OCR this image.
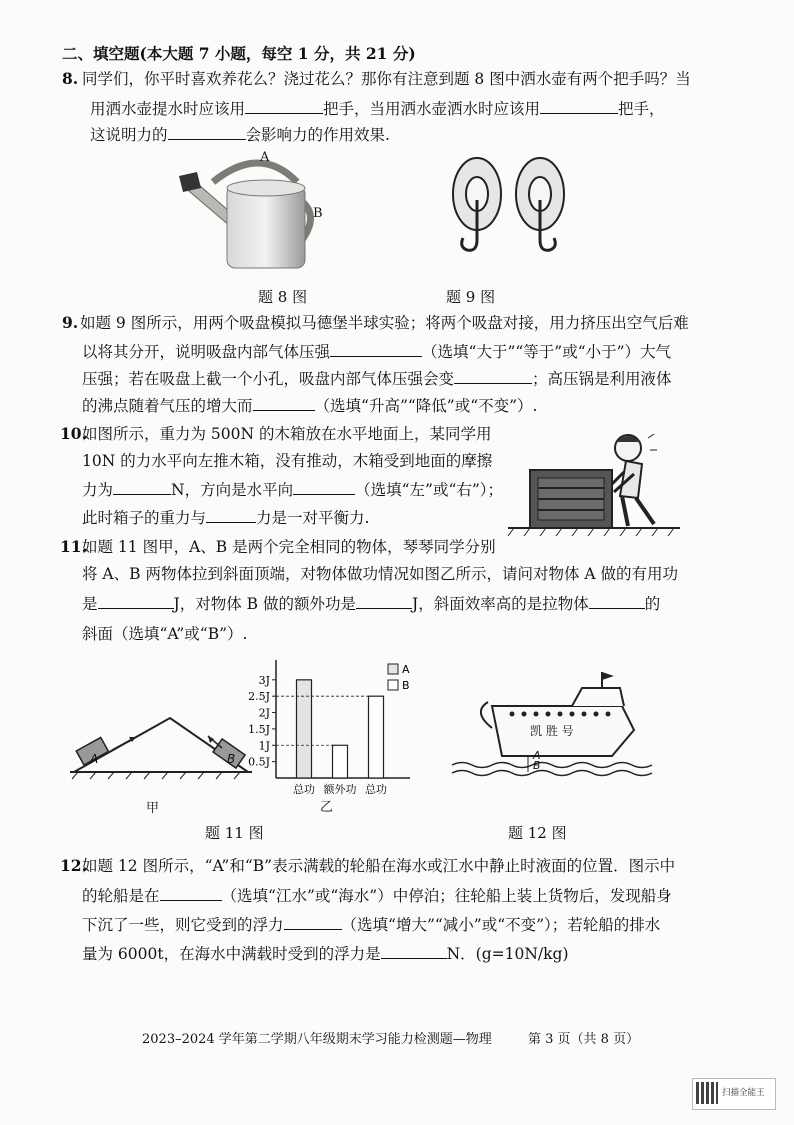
二、填空题(本大题 7 小题，每空 1 分，共 21 分)
8. 同学们，你平时喜欢养花么？浇过花么？那你有注意到题 8 图中洒水壶有两个把手吗？当
用洒水壶提水时应该用	把手，当用洒水壶洒水时应该用	把手，
这说明力的	会影响力的作用效果.
A
B
题 8 图	题 9 图
9. 如题 9 图所示，用两个吸盘模拟马德堡半球实验；将两个吸盘对接，用力挤压出空气后难
以将其分开，说明吸盘内部气体压强	（选填“大于”“等于”或“小于”）大气
压强；若在吸盘上截一个小孔，吸盘内部气体压强会变	；高压锅是利用液体
的沸点随着气压的增大而	（选填“升高”“降低”或“不变”）.
10.
如图所示，重力为 500N 的木箱放在水平地面上，某同学用
10N 的力水平向左推木箱，没有推动，木箱受到地面的摩擦
力为	N，方向是水平向	（选填“左”或“右”）；
此时箱子的重力与	力是一对平衡力.
11.
如题 11 图甲，A、B 是两个完全相同的物体，琴琴同学分别
将 A、B 两物体拉到斜面顶端，对物体做功情况如图乙所示，请问对物体 A 做的有用功
是	J，对物体 B 做的额外功是	J，斜面效率高的是拉物体	的
斜面（选填“A”或“B”）.
A	B
甲
0.5J
1J
1.5J
2J
2.5J
3J
总功 额外功 总功
A
B
乙
题 11 图
凯 胜 号
A
B
题 12 图
12.
如题 12 图所示，“A”和“B”表示满载的轮船在海水或江水中静止时液面的位置．图示中
的轮船是在	（选填“江水”或“海水”）中停泊；往轮船上装上货物后，发现船身
下沉了一些，则它受到的浮力	（选填“增大”“减小”或“不变”）；若轮船的排水
量为 6000t，在海水中满载时受到的浮力是	N．(g=10N/kg)
2023–2024 学年第二学期八年级期末学习能力检测题—物理	第 3 页（共 8 页）
扫描全能王
